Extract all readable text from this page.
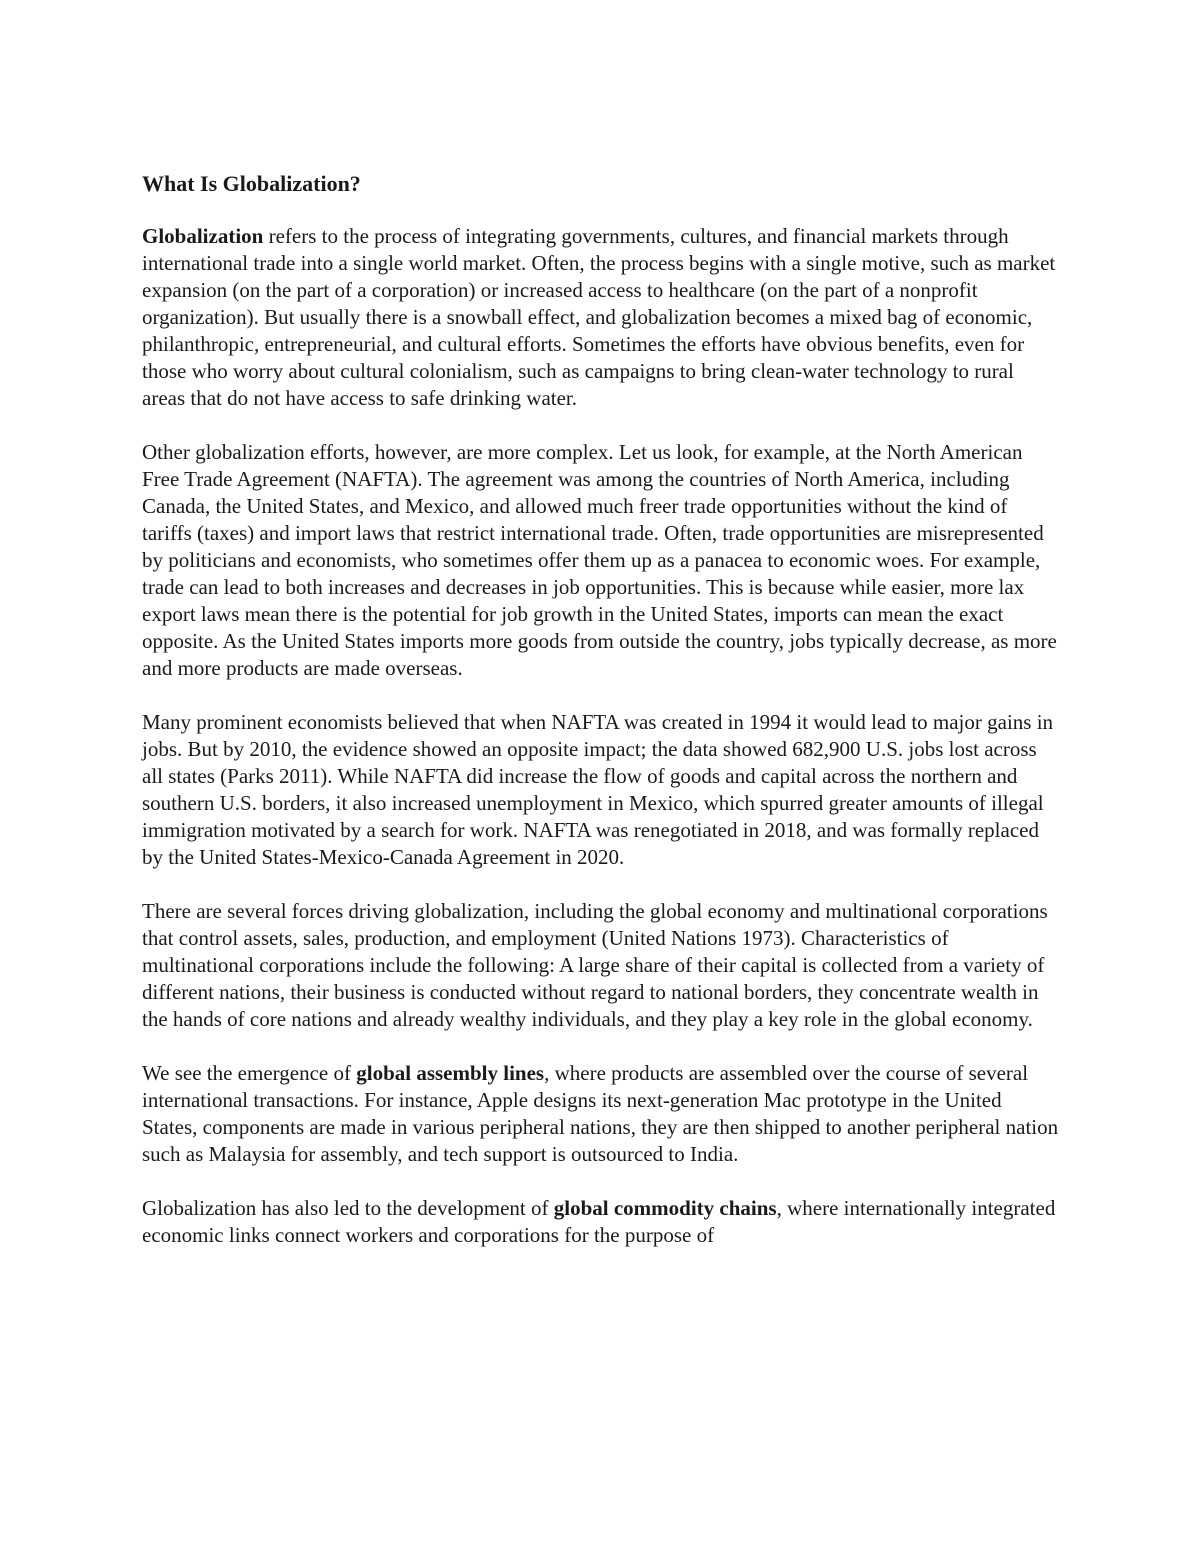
What Is Globalization?

Globalization refers to the process of integrating governments, cultures, and financial markets through international trade into a single world market. Often, the process begins with a single motive, such as market expansion (on the part of a corporation) or increased access to healthcare (on the part of a nonprofit organization). But usually there is a snowball effect, and globalization becomes a mixed bag of economic, philanthropic, entrepreneurial, and cultural efforts. Sometimes the efforts have obvious benefits, even for those who worry about cultural colonialism, such as campaigns to bring clean-water technology to rural areas that do not have access to safe drinking water.

Other globalization efforts, however, are more complex. Let us look, for example, at the North American Free Trade Agreement (NAFTA). The agreement was among the countries of North America, including Canada, the United States, and Mexico, and allowed much freer trade opportunities without the kind of tariffs (taxes) and import laws that restrict international trade. Often, trade opportunities are misrepresented by politicians and economists, who sometimes offer them up as a panacea to economic woes. For example, trade can lead to both increases and decreases in job opportunities. This is because while easier, more lax export laws mean there is the potential for job growth in the United States, imports can mean the exact opposite. As the United States imports more goods from outside the country, jobs typically decrease, as more and more products are made overseas.

Many prominent economists believed that when NAFTA was created in 1994 it would lead to major gains in jobs. But by 2010, the evidence showed an opposite impact; the data showed 682,900 U.S. jobs lost across all states (Parks 2011). While NAFTA did increase the flow of goods and capital across the northern and southern U.S. borders, it also increased unemployment in Mexico, which spurred greater amounts of illegal immigration motivated by a search for work. NAFTA was renegotiated in 2018, and was formally replaced by the United States-Mexico-Canada Agreement in 2020.

There are several forces driving globalization, including the global economy and multinational corporations that control assets, sales, production, and employment (United Nations 1973). Characteristics of multinational corporations include the following: A large share of their capital is collected from a variety of different nations, their business is conducted without regard to national borders, they concentrate wealth in the hands of core nations and already wealthy individuals, and they play a key role in the global economy.

We see the emergence of global assembly lines, where products are assembled over the course of several international transactions. For instance, Apple designs its next-generation Mac prototype in the United States, components are made in various peripheral nations, they are then shipped to another peripheral nation such as Malaysia for assembly, and tech support is outsourced to India.

Globalization has also led to the development of global commodity chains, where internationally integrated economic links connect workers and corporations for the purpose of
